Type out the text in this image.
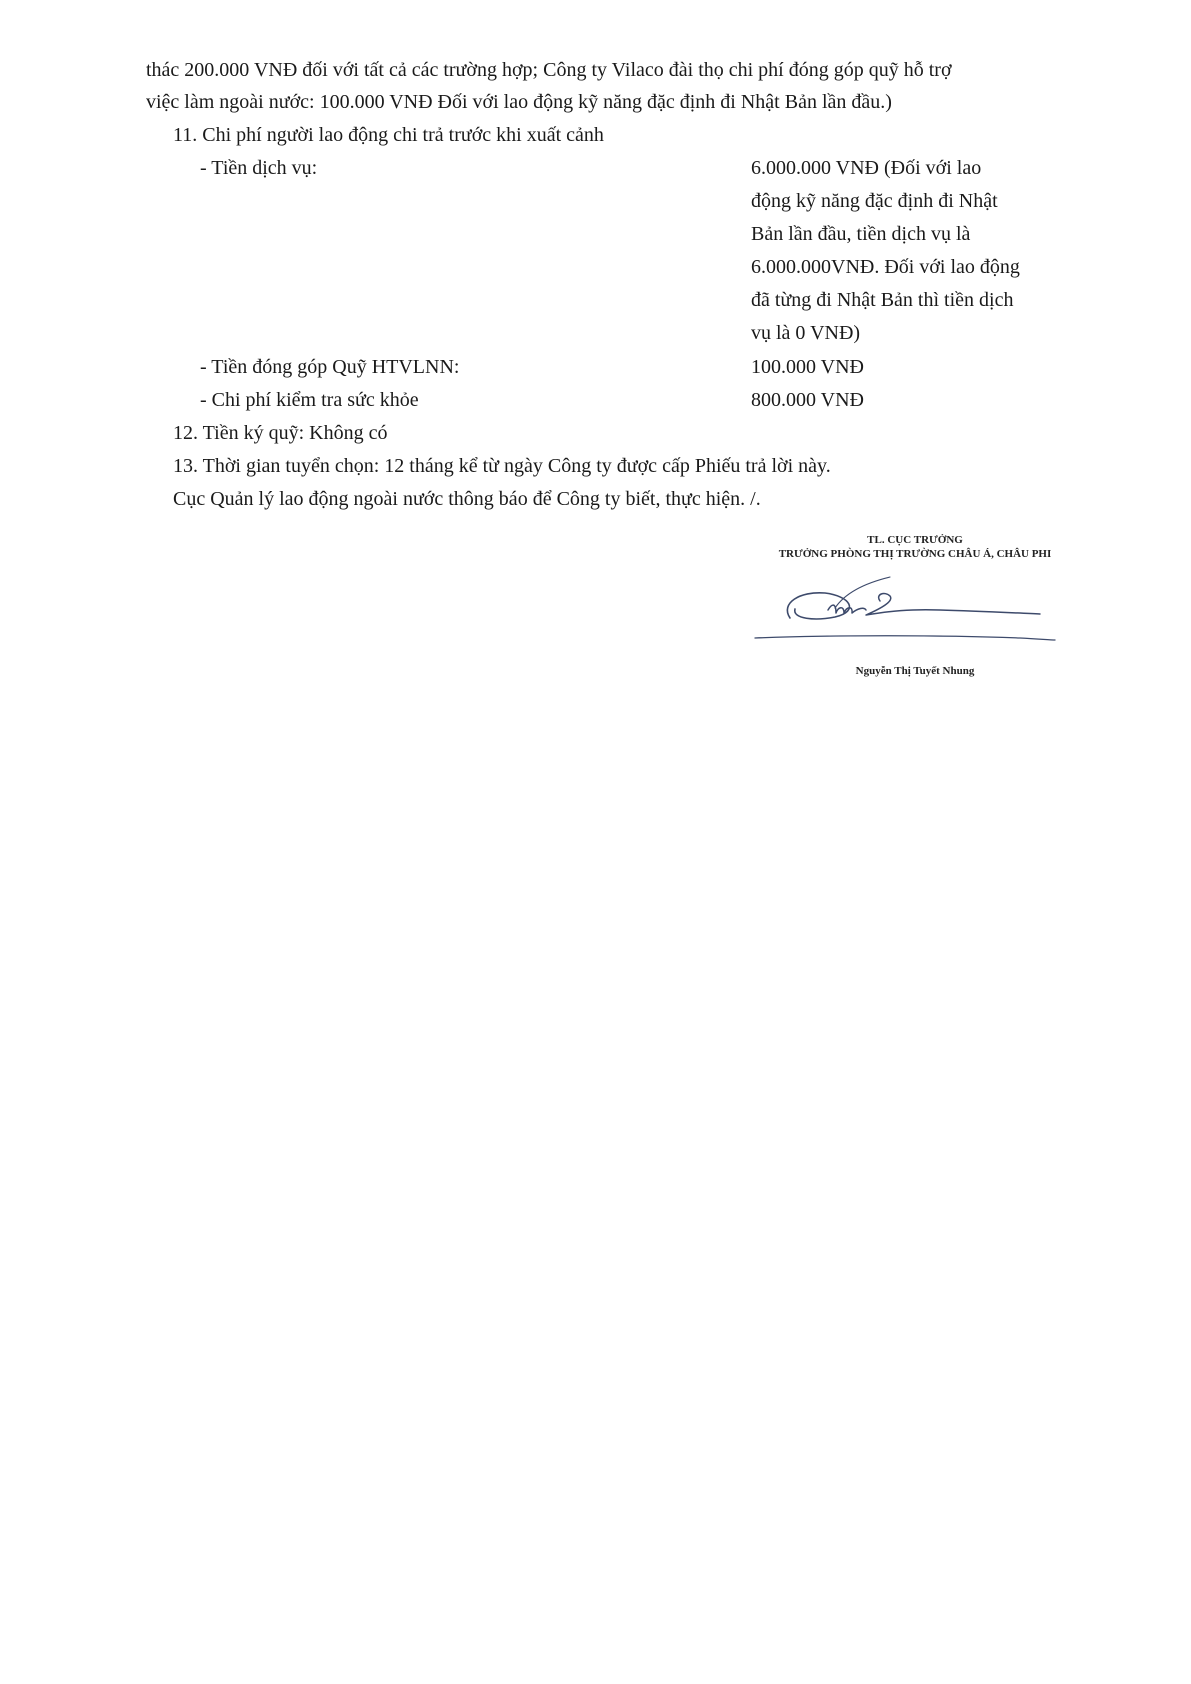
thác 200.000 VNĐ đối với tất cả các trường hợp; Công ty Vilaco đài thọ chi phí đóng góp quỹ hỗ trợ
việc làm ngoài nước: 100.000 VNĐ Đối với lao động kỹ năng đặc định đi Nhật Bản lần đầu.)
11. Chi phí người lao động chi trả trước khi xuất cảnh
- Tiền dịch vụ:	6.000.000 VNĐ (Đối với lao
động kỹ năng đặc định đi Nhật
Bản lần đầu, tiền dịch vụ là
6.000.000VNĐ. Đối với lao động
đã từng đi Nhật Bản thì tiền dịch
vụ là 0 VNĐ)
- Tiền đóng góp Quỹ HTVLNN:	100.000 VNĐ
- Chi phí kiểm tra sức khỏe	800.000 VNĐ
12. Tiền ký quỹ: Không có
13. Thời gian tuyển chọn: 12 tháng kể từ ngày Công ty được cấp Phiếu trả lời này.
Cục Quản lý lao động ngoài nước thông báo để Công ty biết, thực hiện. /.
TL. CỤC TRƯỞNG
TRƯỞNG PHÒNG THỊ TRƯỜNG CHÂU Á, CHÂU PHI
Nguyễn Thị Tuyết Nhung
